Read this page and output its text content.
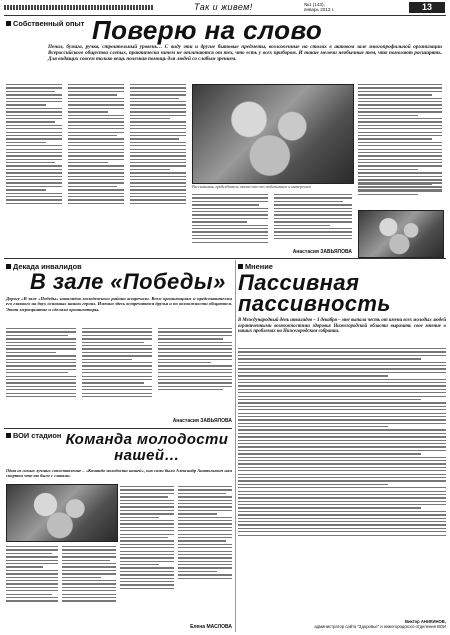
Так и живем!	№1 (143),
январь 2013 г.	13
Собственный опыт Поверю на слово
Пенал, бумага, ручка, строительный уровень… С виду эти и другие бытовые предметы, возложенные на столах в актовом зале многопрофильной организации Всероссийского общества слепых, практически ничем не отличаются от тех, что есть у всех прибором. И такие мелочи необычные тем, что помогают расширять. Для видящих совсем только вещь полезная помощь для людей со слабым зрением.
Рассказывая, председатель сказал что-то любопытное и интересное
Анастасия ЗАВЬЯЛОВА
Мнение
Пассивная пассивность
В Международный день инвалидов – 3 декабря – мне выпала честь от имени всех молодых людей ограниченными возможностями здоровья Нижегородской области выразить свое мнение о наших проблемах на Нижегородском собрании.
Виктор АНИКИНОВ,
администратор сайта "Здоровье" и нижегородского отделения ВОИ
Декада инвалидов
В зале «Победы»
Дорогу «В зале «Победы» инвалидов молодежного района встречали. Всем организациям и представителям его главного на двух основных наших героях. Именно здесь встречаются друзья и по возможности общаются. Этот мероприятие и сделали организаторы.
Анастасия ЗАВЬЯЛОВА
ВОИ стадион Команда молодости нашей…
Одна из самых лучших сопоставление – «Команда молодости нашей», оно сами были Александр Анатольевич нам спортом что-то было с главами.
Елена МАСЛОВА
